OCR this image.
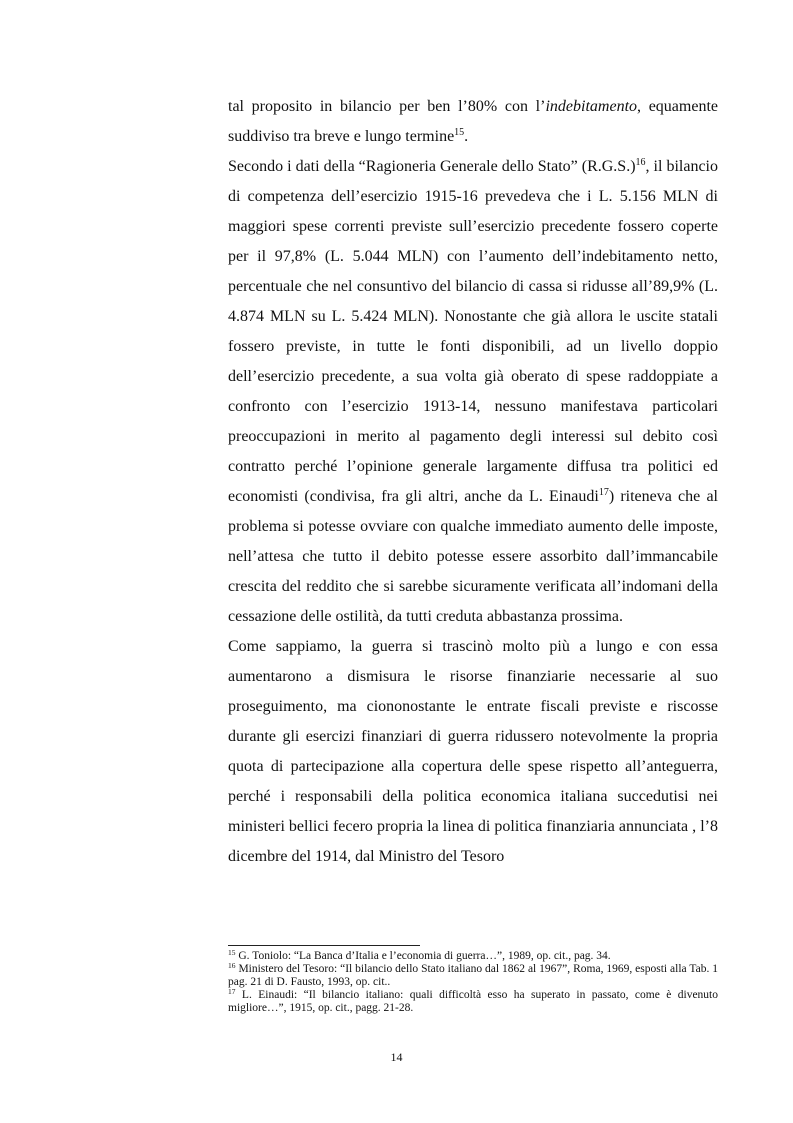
tal proposito in bilancio per ben l’80% con l’indebitamento, equamente suddiviso tra breve e lungo termine$^{15}$.

Secondo i dati della “Ragioneria Generale dello Stato” $(R.G.S.)^{16}$, il bilancio di competenza dell’esercizio 1915-16 prevedeva che i L. 5.156 MLN di maggiori spese correnti previste sull’esercizio precedente fossero coperte per il 97,8% (L. 5.044 MLN) con l’aumento dell’indebitamento netto, percentuale che nel consuntivo del bilancio di cassa si ridusse all’89,9% (L. 4.874 MLN su L. 5.424 MLN). Nonostante che già allora le uscite statali fossero previste, in tutte le fonti disponibili, ad un livello doppio dell’esercizio precedente, a sua volta già oberato di spese raddoppiate a confronto con l’esercizio 1913-14, nessuno manifestava particolari preoccupazioni in merito al pagamento degli interessi sul debito così contratto perché l’opinione generale largamente diffusa tra politici ed economisti (condivisa, fra gli altri, anche da L. Einaudi$^{17}$) riteneva che al problema si potesse ovviare con qualche immediato aumento delle imposte, nell’attesa che tutto il debito potesse essere assorbito dall’immancabile crescita del reddito che si sarebbe sicuramente verificata all’indomani della cessazione delle ostilità, da tutti creduta abbastanza prossima.

Come sappiamo, la guerra si trascinò molto più a lungo e con essa aumentarono a dismisura le risorse finanziarie necessarie al suo proseguimento, ma ciononostante le entrate fiscali previste e riscosse durante gli esercizi finanziari di guerra ridussero notevolmente la propria quota di partecipazione alla copertura delle spese rispetto all’anteguerra, perché i responsabili della politica economica italiana succedutisi nei ministeri bellici fecero propria la linea di politica finanziaria annunciata , l’8 dicembre del 1914, dal Ministro del Tesoro

$^{15}$ G. Toniolo: “La Banca d’Italia e l’economia di guerra…”, 1989, op. cit., pag. 34.

$^{16}$ Ministero del Tesoro: “Il bilancio dello Stato italiano dal 1862 al 1967”, Roma, 1969, esposti alla Tab. 1 pag. 21 di D. Fausto, 1993, op. cit..

$^{17}$ L. Einaudi: “Il bilancio italiano: quali difficoltà esso ha superato in passato, come è divenuto migliore…”, 1915, op. cit., pagg. 21-28.

14
